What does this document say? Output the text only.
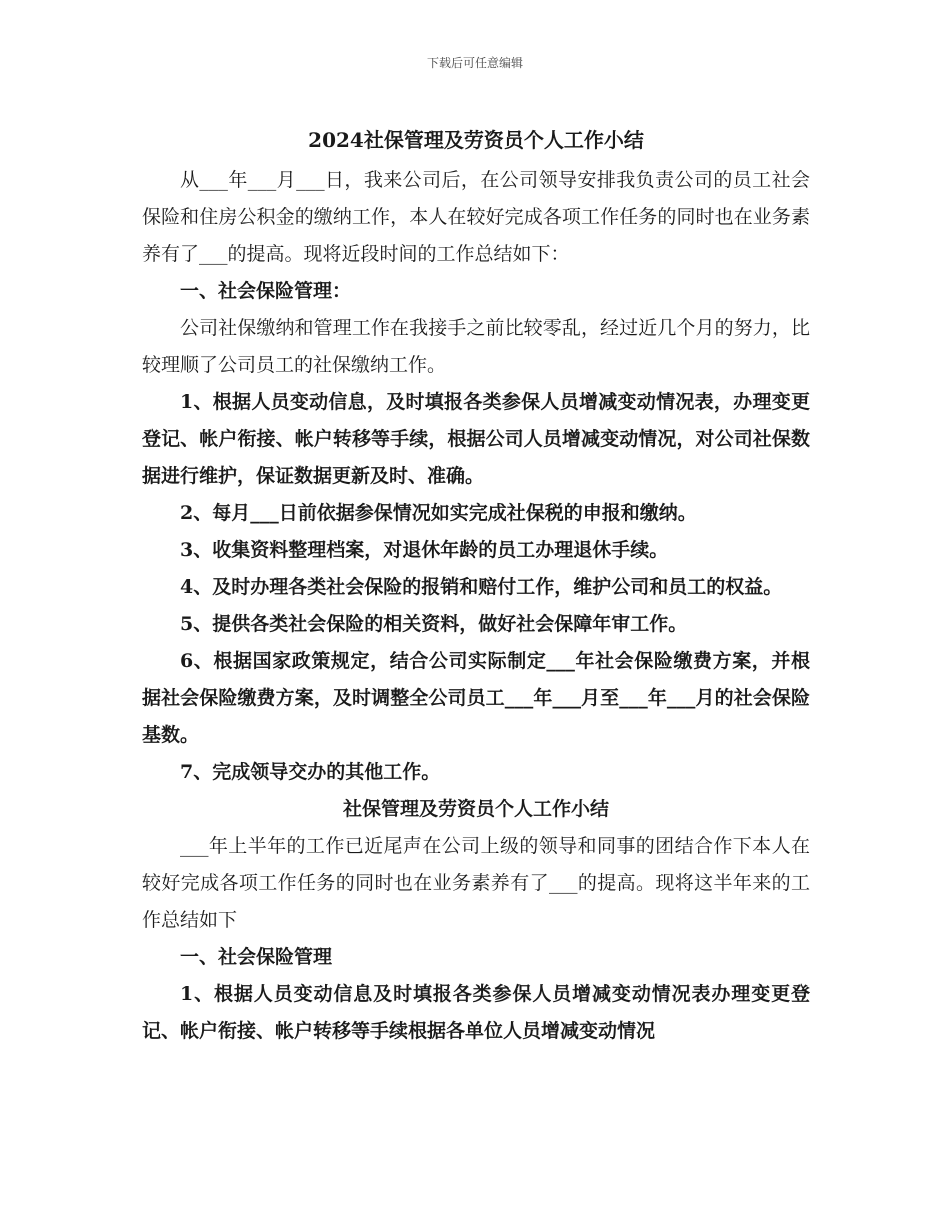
下载后可任意编辑
2024社保管理及劳资员个人工作小结

从___年___月___日，我来公司后，在公司领导安排我负责公司的员工社会保险和住房公积金的缴纳工作，本人在较好完成各项工作任务的同时也在业务素养有了___的提高。现将近段时间的工作总结如下：

一、社会保险管理：

公司社保缴纳和管理工作在我接手之前比较零乱，经过近几个月的努力，比较理顺了公司员工的社保缴纳工作。

1、根据人员变动信息，及时填报各类参保人员增减变动情况表，办理变更登记、帐户衔接、帐户转移等手续，根据公司人员增减变动情况，对公司社保数据进行维护，保证数据更新及时、准确。

2、每月___日前依据参保情况如实完成社保税的申报和缴纳。

3、收集资料整理档案，对退休年龄的员工办理退休手续。

4、及时办理各类社会保险的报销和赔付工作，维护公司和员工的权益。

5、提供各类社会保险的相关资料，做好社会保障年审工作。

6、根据国家政策规定，结合公司实际制定___年社会保险缴费方案，并根据社会保险缴费方案，及时调整全公司员工___年___月至___年___月的社会保险基数。

7、完成领导交办的其他工作。

社保管理及劳资员个人工作小结

___年上半年的工作已近尾声在公司上级的领导和同事的团结合作下本人在较好完成各项工作任务的同时也在业务素养有了___的提高。现将这半年来的工作总结如下

一、社会保险管理

1、根据人员变动信息及时填报各类参保人员增减变动情况表办理变更登记、帐户衔接、帐户转移等手续根据各单位人员增减变动情况
